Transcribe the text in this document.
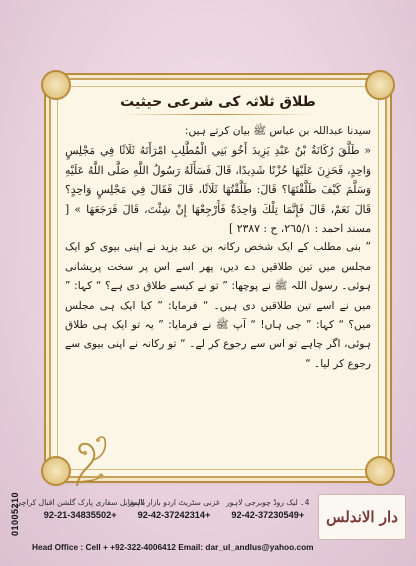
طلاق ثلاثہ کی شرعی حیثیت

سیدنا عبداللہ بن عباس ﷺ بیان کرتے ہیں:

« طَلَّقَ رُكَانَةُ بْنُ عَبْدِ يَزِيدَ أَخُو بَنِي الْمُطَّلِبِ امْرَأَتَهُ ثَلَاثًا فِي مَجْلِسٍ وَاحِدٍ، فَحَزِنَ عَلَيْهَا حُزْنًا شَدِيدًا، قَالَ فَسَأَلَهُ رَسُولُ اللَّهِ صَلَّى اللَّهُ عَلَيْهِ وَسَلَّمَ كَيْفَ طَلَّقْتَهَا؟ قَالَ: طَلَّقْتُهَا ثَلَاثًا، قَالَ فَقَالَ فِي مَجْلِسٍ وَاحِدٍ؟ قَالَ نَعَمْ، قَالَ فَإِنَّمَا تِلْكَ وَاحِدَةٌ فَأَرْجِعْهَا إِنْ شِئْتَ، قَالَ فَرَجَعَهَا » [ مسند احمد : ٢٦٥/١، ح : ٢٣٨٧ ]

” بنی مطلب کے ایک شخص رکانہ بن عبد یزید نے اپنی بیوی کو ایک مجلس میں تین طلاقیں دے دیں، پھر اسے اس پر سخت پریشانی ہوئی۔ رسول اللہ ﷺ نے پوچھا: ” تو نے کیسے طلاق دی ہے؟ “ کہا: ” میں نے اسے تین طلاقیں دی ہیں۔ “ فرمایا: ” کیا ایک ہی مجلس میں؟ “ کہا: ” جی ہاں! “ آپ ﷺ نے فرمایا: ” یہ تو ایک ہی طلاق ہوئی، اگر چاہے تو اس سے رجوع کر لے۔ “ تو رکانہ نے اپنی بیوی سے رجوع کر لیا۔ “

01005210	4۔ لیک روڈ چوبرجی لاہور
+92-42-37230549
غزنی سٹریٹ اردو بازار لاہور
+92-42-37242314
بالمقابل سفاری پارک گلشن اقبال کراچی
+92-21-34835502	دار الاندلس
Head Office : Cell + +92-322-4006412 Email: dar_ul_andlus@yahoo.com
